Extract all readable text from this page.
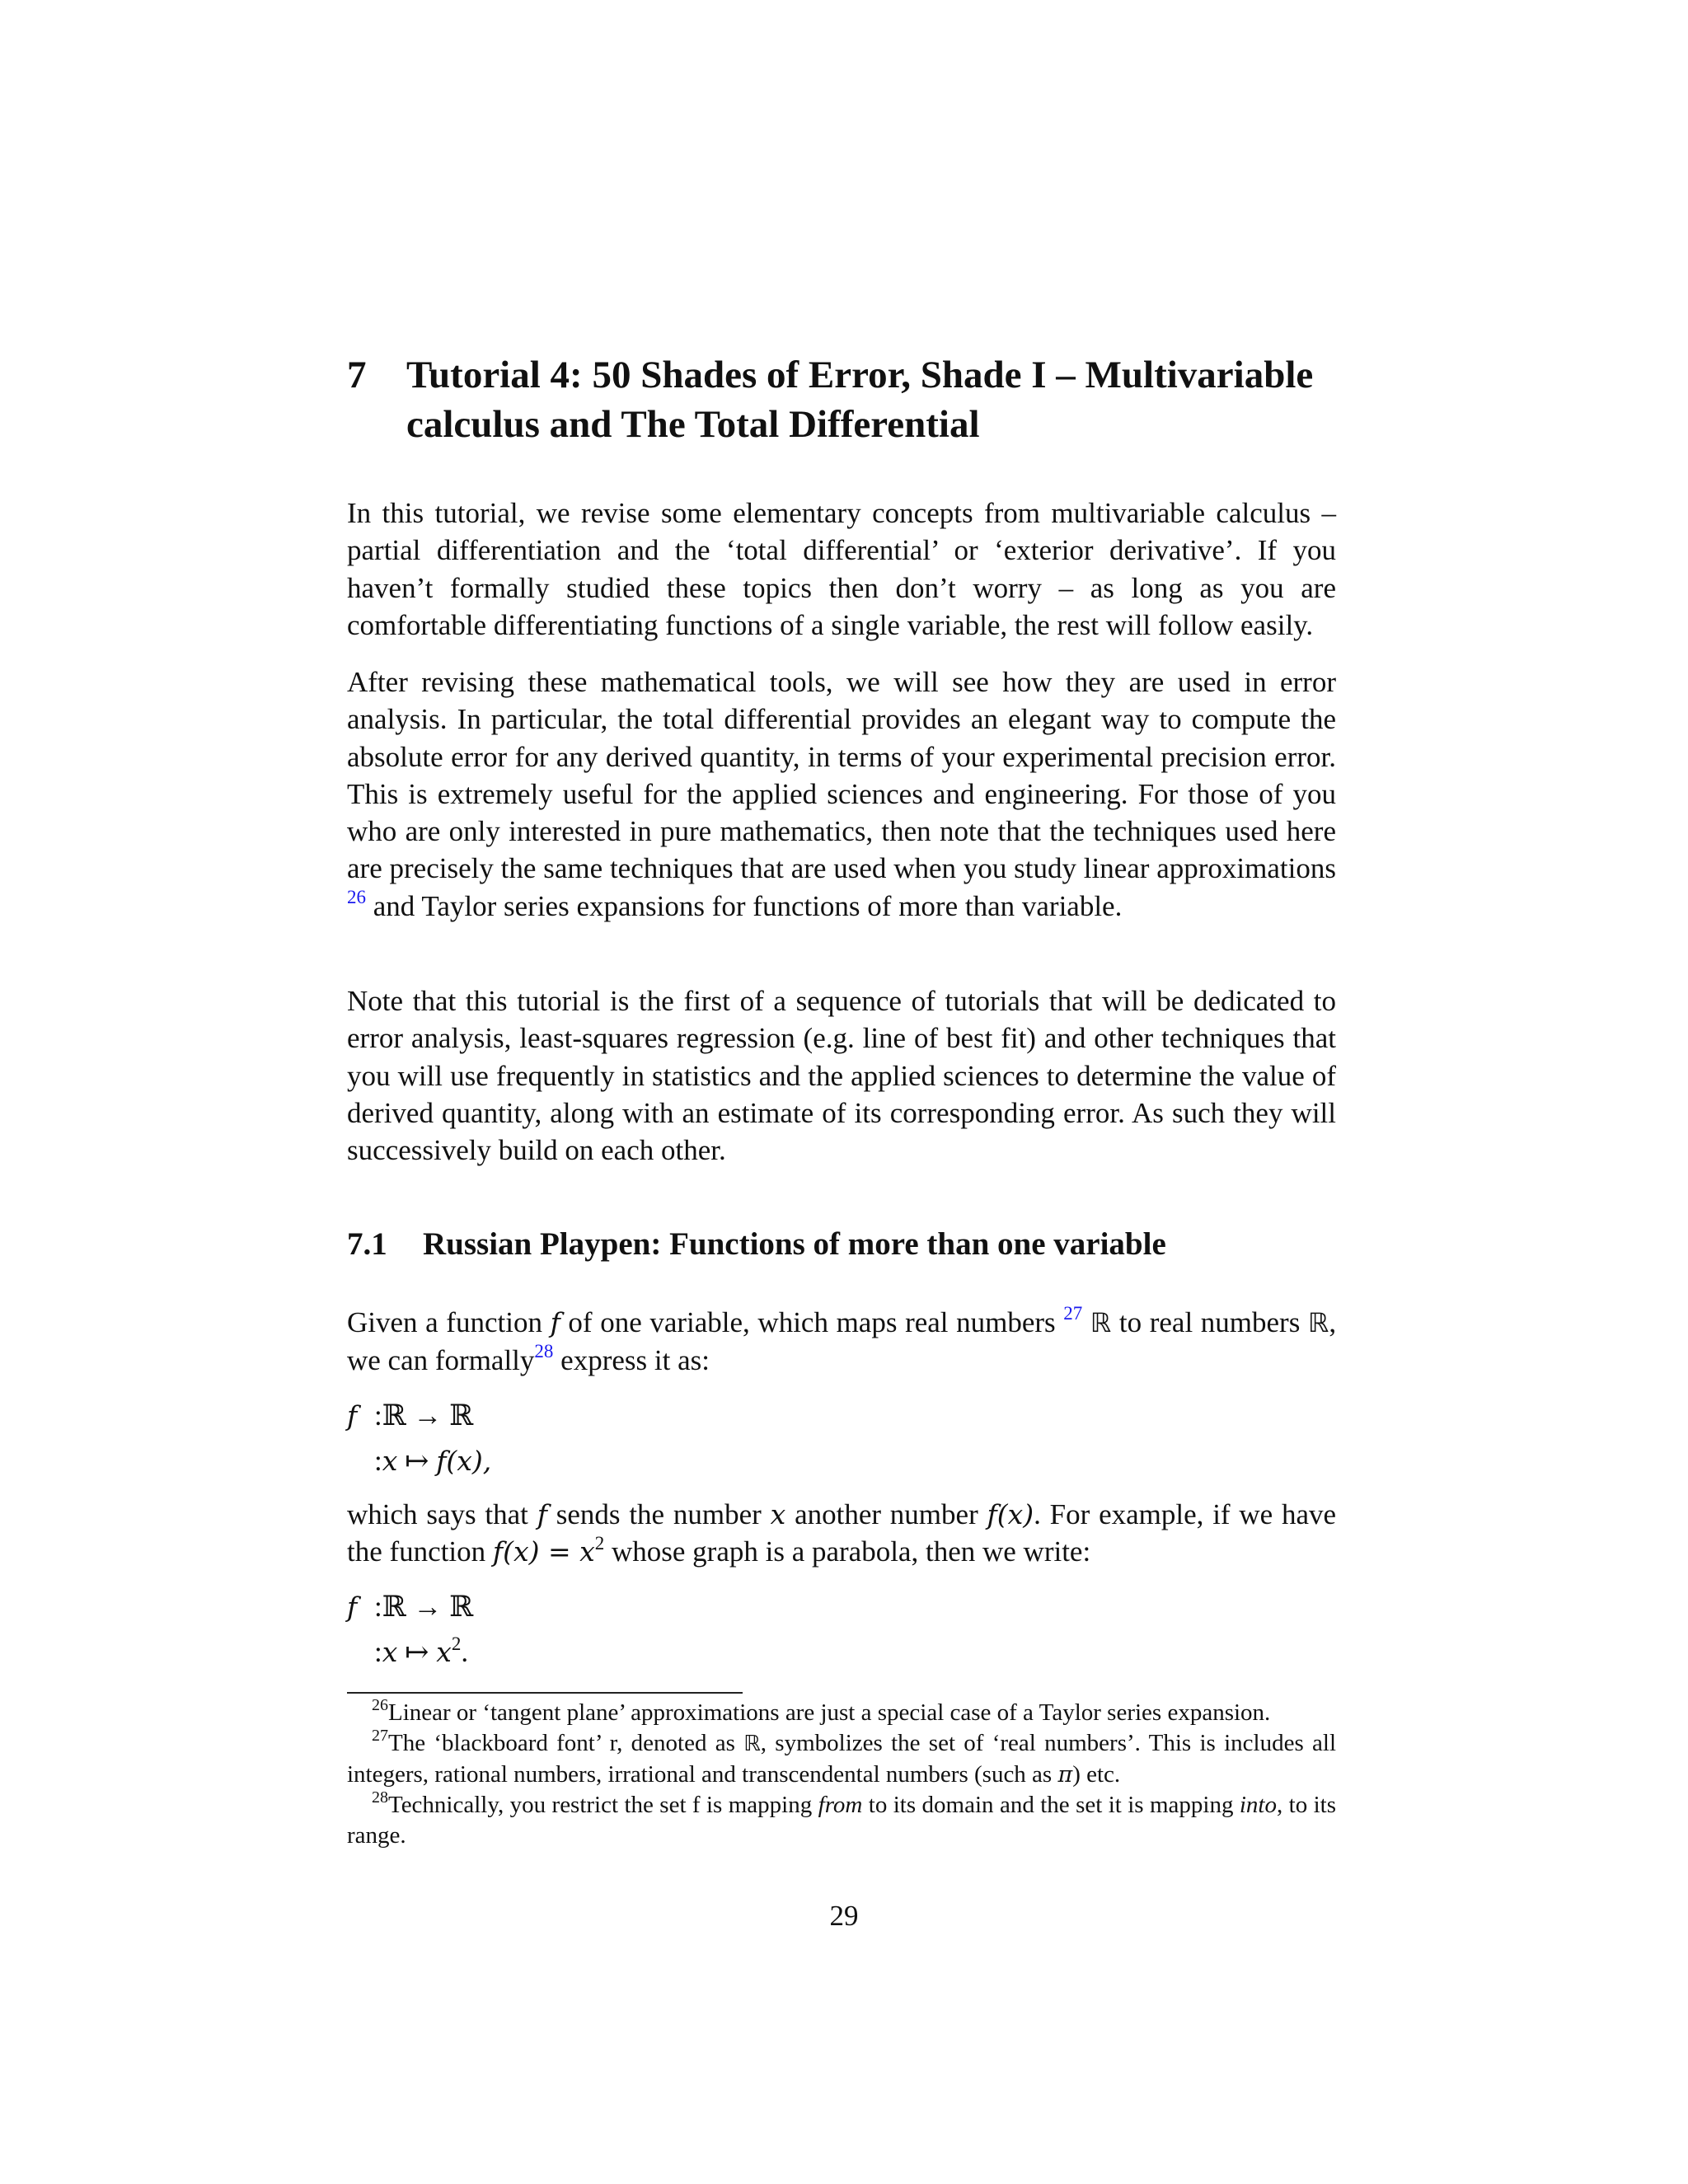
7 Tutorial 4: 50 Shades of Error, Shade I – Multivariable
calculus and The Total Differential

In this tutorial, we revise some elementary concepts from multivariable calculus – partial differentiation and the ‘total differential’ or ‘exterior derivative’. If you haven’t formally studied these topics then don’t worry – as long as you are comfortable differentiating functions of a single variable, the rest will follow easily.

After revising these mathematical tools, we will see how they are used in error analysis. In particular, the total differential provides an elegant way to compute the absolute error for any derived quantity, in terms of your experimental precision error. This is extremely useful for the applied sciences and engineering. For those of you who are only interested in pure mathematics, then note that the techniques used here are precisely the same techniques that are used when you study linear approximations $^{26}$ and Taylor series expansions for functions of more than variable.

Note that this tutorial is the first of a sequence of tutorials that will be dedicated to error analysis, least-squares regression (e.g. line of best fit) and other techniques that you will use frequently in statistics and the applied sciences to determine the value of derived quantity, along with an estimate of its corresponding error. As such they will successively build on each other.

7.1 Russian Playpen: Functions of more than one variable

Given a function f of one variable, which maps real numbers $^{27}$ ℝ to real numbers ℝ, we can formally$^{28}$ express it as:

f :ℝ → ℝ
:x ↦ f(x),

which says that f sends the number x another number f(x). For example, if we have the function $f(x) = x^2$ whose graph is a parabola, then we write:

f :ℝ → ℝ
:x ↦ $x^2$.

$^{26}$Linear or ‘tangent plane’ approximations are just a special case of a Taylor series expansion.

$^{27}$The ‘blackboard font’ r, denoted as ℝ, symbolizes the set of ‘real numbers’. This is includes all integers, rational numbers, irrational and transcendental numbers (such as π) etc.

$^{28}$Technically, you restrict the set f is mapping from to its domain and the set it is mapping into, to its range.

29
